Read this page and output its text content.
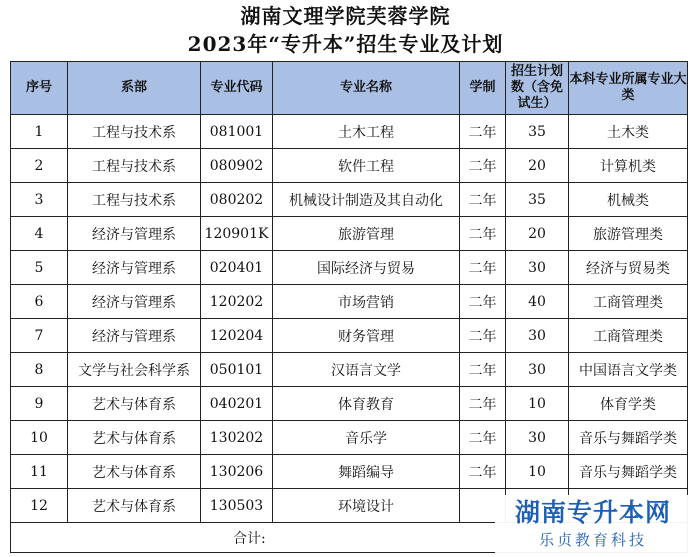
湖南文理学院芙蓉学院
2023年“专升本”招生专业及计划
序号	系部	专业代码	专业名称	学制	招生计划数（含免试生）	本科专业所属专业大类
1	工程与技术系	081001	土木工程	二年	35	土木类
2	工程与技术系	080902	软件工程	二年	20	计算机类
3	工程与技术系	080202	机械设计制造及其自动化	二年	35	机械类
4	经济与管理系	120901K	旅游管理	二年	20	旅游管理类
5	经济与管理系	020401	国际经济与贸易	二年	30	经济与贸易类
6	经济与管理系	120202	市场营销	二年	40	工商管理类
7	经济与管理系	120204	财务管理	二年	30	工商管理类
8	文学与社会科学系	050101	汉语言文学	二年	30	中国语言文学类
9	艺术与体育系	040201	体育教育	二年	10	体育学类
10	艺术与体育系	130202	音乐学	二年	30	音乐与舞蹈学类
11	艺术与体育系	130206	舞蹈编导	二年	10	音乐与舞蹈学类
12	艺术与体育系	130503	环境设计			
合计:						
湖南专升本网
乐贞教育科技
